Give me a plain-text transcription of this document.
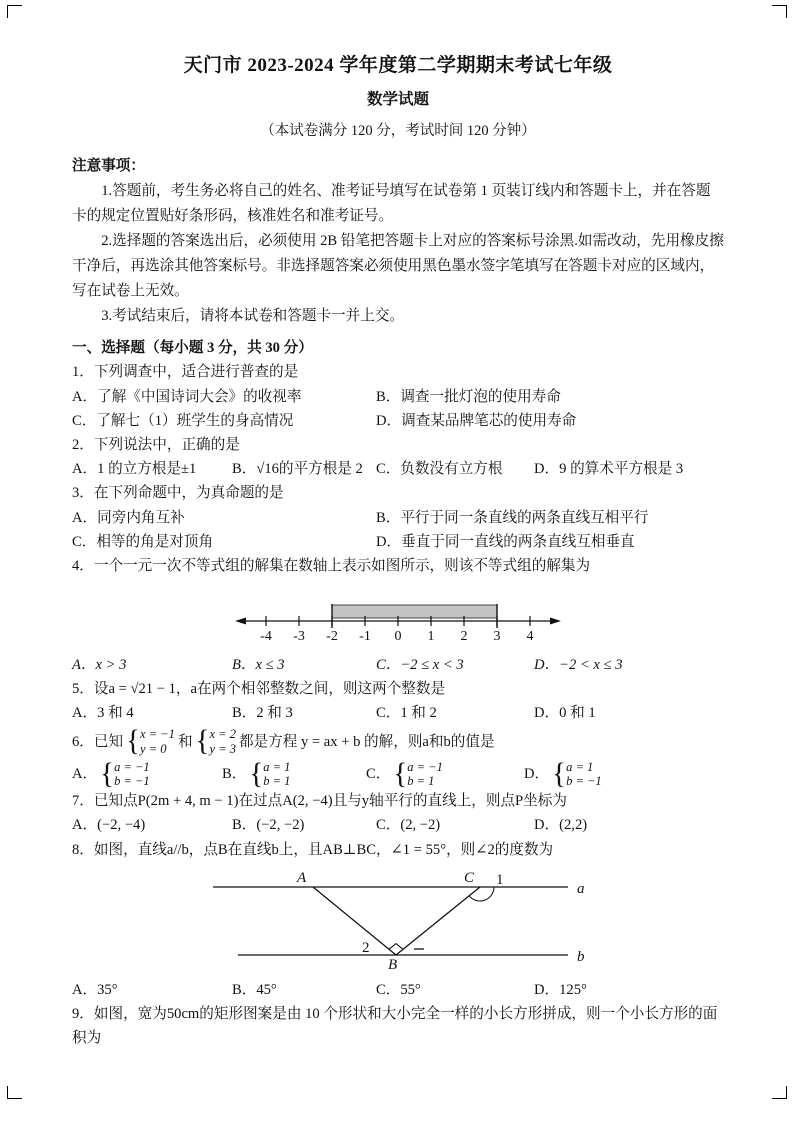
天门市 2023-2024 学年度第二学期期末考试七年级
数学试题
（本试卷满分 120 分，考试时间 120 分钟）
注意事项：

1.答题前，考生务必将自己的姓名、准考证号填写在试卷第 1 页装订线内和答题卡上，并在答题卡的规定位置贴好条形码，核准姓名和准考证号。

2.选择题的答案选出后，必须使用 2B 铅笔把答题卡上对应的答案标号涂黑.如需改动，先用橡皮擦干净后，再选涂其他答案标号。非选择题答案必须使用黑色墨水签字笔填写在答题卡对应的区域内，写在试卷上无效。

3.考试结束后，请将本试卷和答题卡一并上交。

一、选择题（每小题 3 分，共 30 分）

1．下列调查中，适合进行普查的是

A．了解《中国诗词大会》的收视率	B．调查一批灯泡的使用寿命
C．了解七（1）班学生的身高情况	D．调查某品牌笔芯的使用寿命

2．下列说法中，正确的是

A．1 的立方根是±1	B．√16的平方根是 2 C．负数没有立方根	D．9 的算术平方根是 3

3．在下列命题中，为真命题的是

A．同旁内角互补	B．平行于同一条直线的两条直线互相平行
C．相等的角是对顶角	D．垂直于同一直线的两条直线互相垂直

4．一个一元一次不等式组的解集在数轴上表示如图所示，则该不等式组的解集为

-4 -3 -2 -1 0 1 2 3 4
A．x > 3	B．x ≤ 3	C．−2 ≤ x < 3	D．−2 < x ≤ 3

5．设a = √21 − 1，a在两个相邻整数之间，则这两个整数是

A．3 和 4	B．2 和 3	C．1 和 2	D．0 和 1
6．已知 { x = −1
y = 0 和 { x = 2
y = 3 都是方程 y = ax + b 的解，则a和b的值是
A． { a = −1
b = −1	B． { a = 1
b = 1	C． { a = −1
b = 1	D． { a = 1
b = −1

7．已知点P(2m + 4, m − 1)在过点A(2, −4)且与y轴平行的直线上，则点P坐标为

A．(−2, −4)	B．(−2, −2)	C．(2, −2)	D．(2,2)

8．如图，直线a//b，点B在直线b上，且AB⊥BC，∠1 = 55°，则∠2的度数为

a
b
A	C 1
2
B
A．35°	B．45°	C．55°	D．125°

9．如图，宽为50cm的矩形图案是由 10 个形状和大小完全一样的小长方形拼成，则一个小长方形的面积为
